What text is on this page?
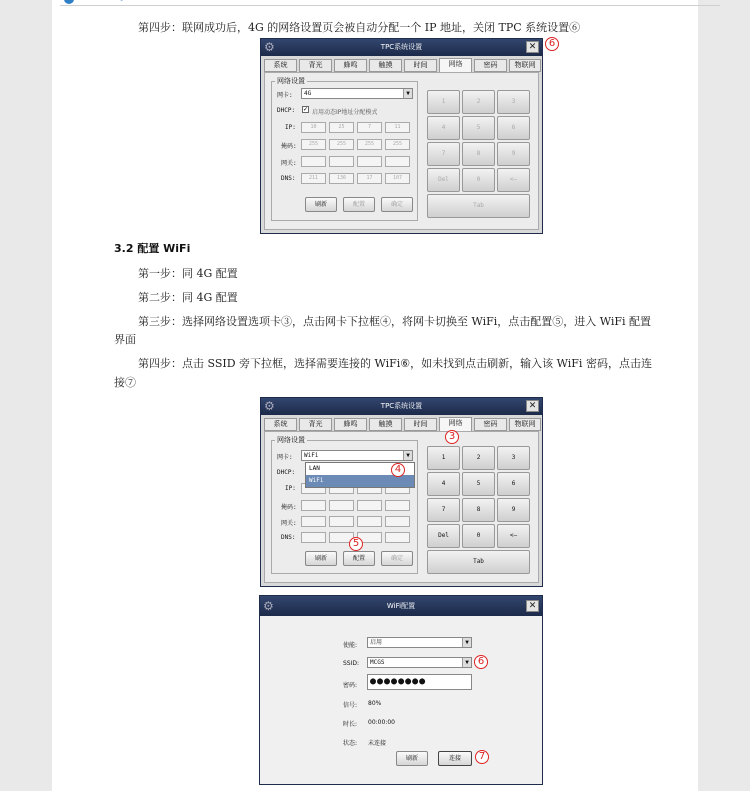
第四步：联网成功后，4G 的网络设置页会被自动分配一个 IP 地址，关闭 TPC 系统设置⑥
⚙	TPC系统设置	✕
系统	背光	蜂鸣	触摸	时间	网络	密码	物联网
网络设置
网卡:	4G	▼
DHCP: ✓ 启用动态IP地址分配模式
IP:	10	25	7	11
掩码:	255	255	255	255
网关:
DNS:	211	136	17	107
刷新	配置	确定
1	2	3
4	5	6
7	8	9
Del	0	<—
Tab
6
3.2 配置 WiFi
第一步：同 4G 配置
第二步：同 4G 配置
第三步：选择网络设置选项卡③，点击网卡下拉框④，将网卡切换至 WiFi，点击配置⑤，进入 WiFi 配置
界面
第四步：点击 SSID 旁下拉框，选择需要连接的 WiFi⑥，如未找到点击刷新，输入该 WiFi 密码，点击连
接⑦
⚙	TPC系统设置	✕
系统	背光	蜂鸣	触摸	时间	网络	密码	物联网
网络设置
网卡:	WiFi	▼
DHCP:
IP:
掩码:
网关:
DNS:
LAN
WiFi
刷新	配置	确定
1	2	3
4	5	6
7	8	9
Del	0	<—
Tab
3
4
5
⚙	WiFi配置	✕
使能:	启用	▼
SSID:	MCGS	▼
密码:	●●●●●●●●
信号: 80%
时长: 00:00:00
状态: 未连接
刷新	连接
6
7
